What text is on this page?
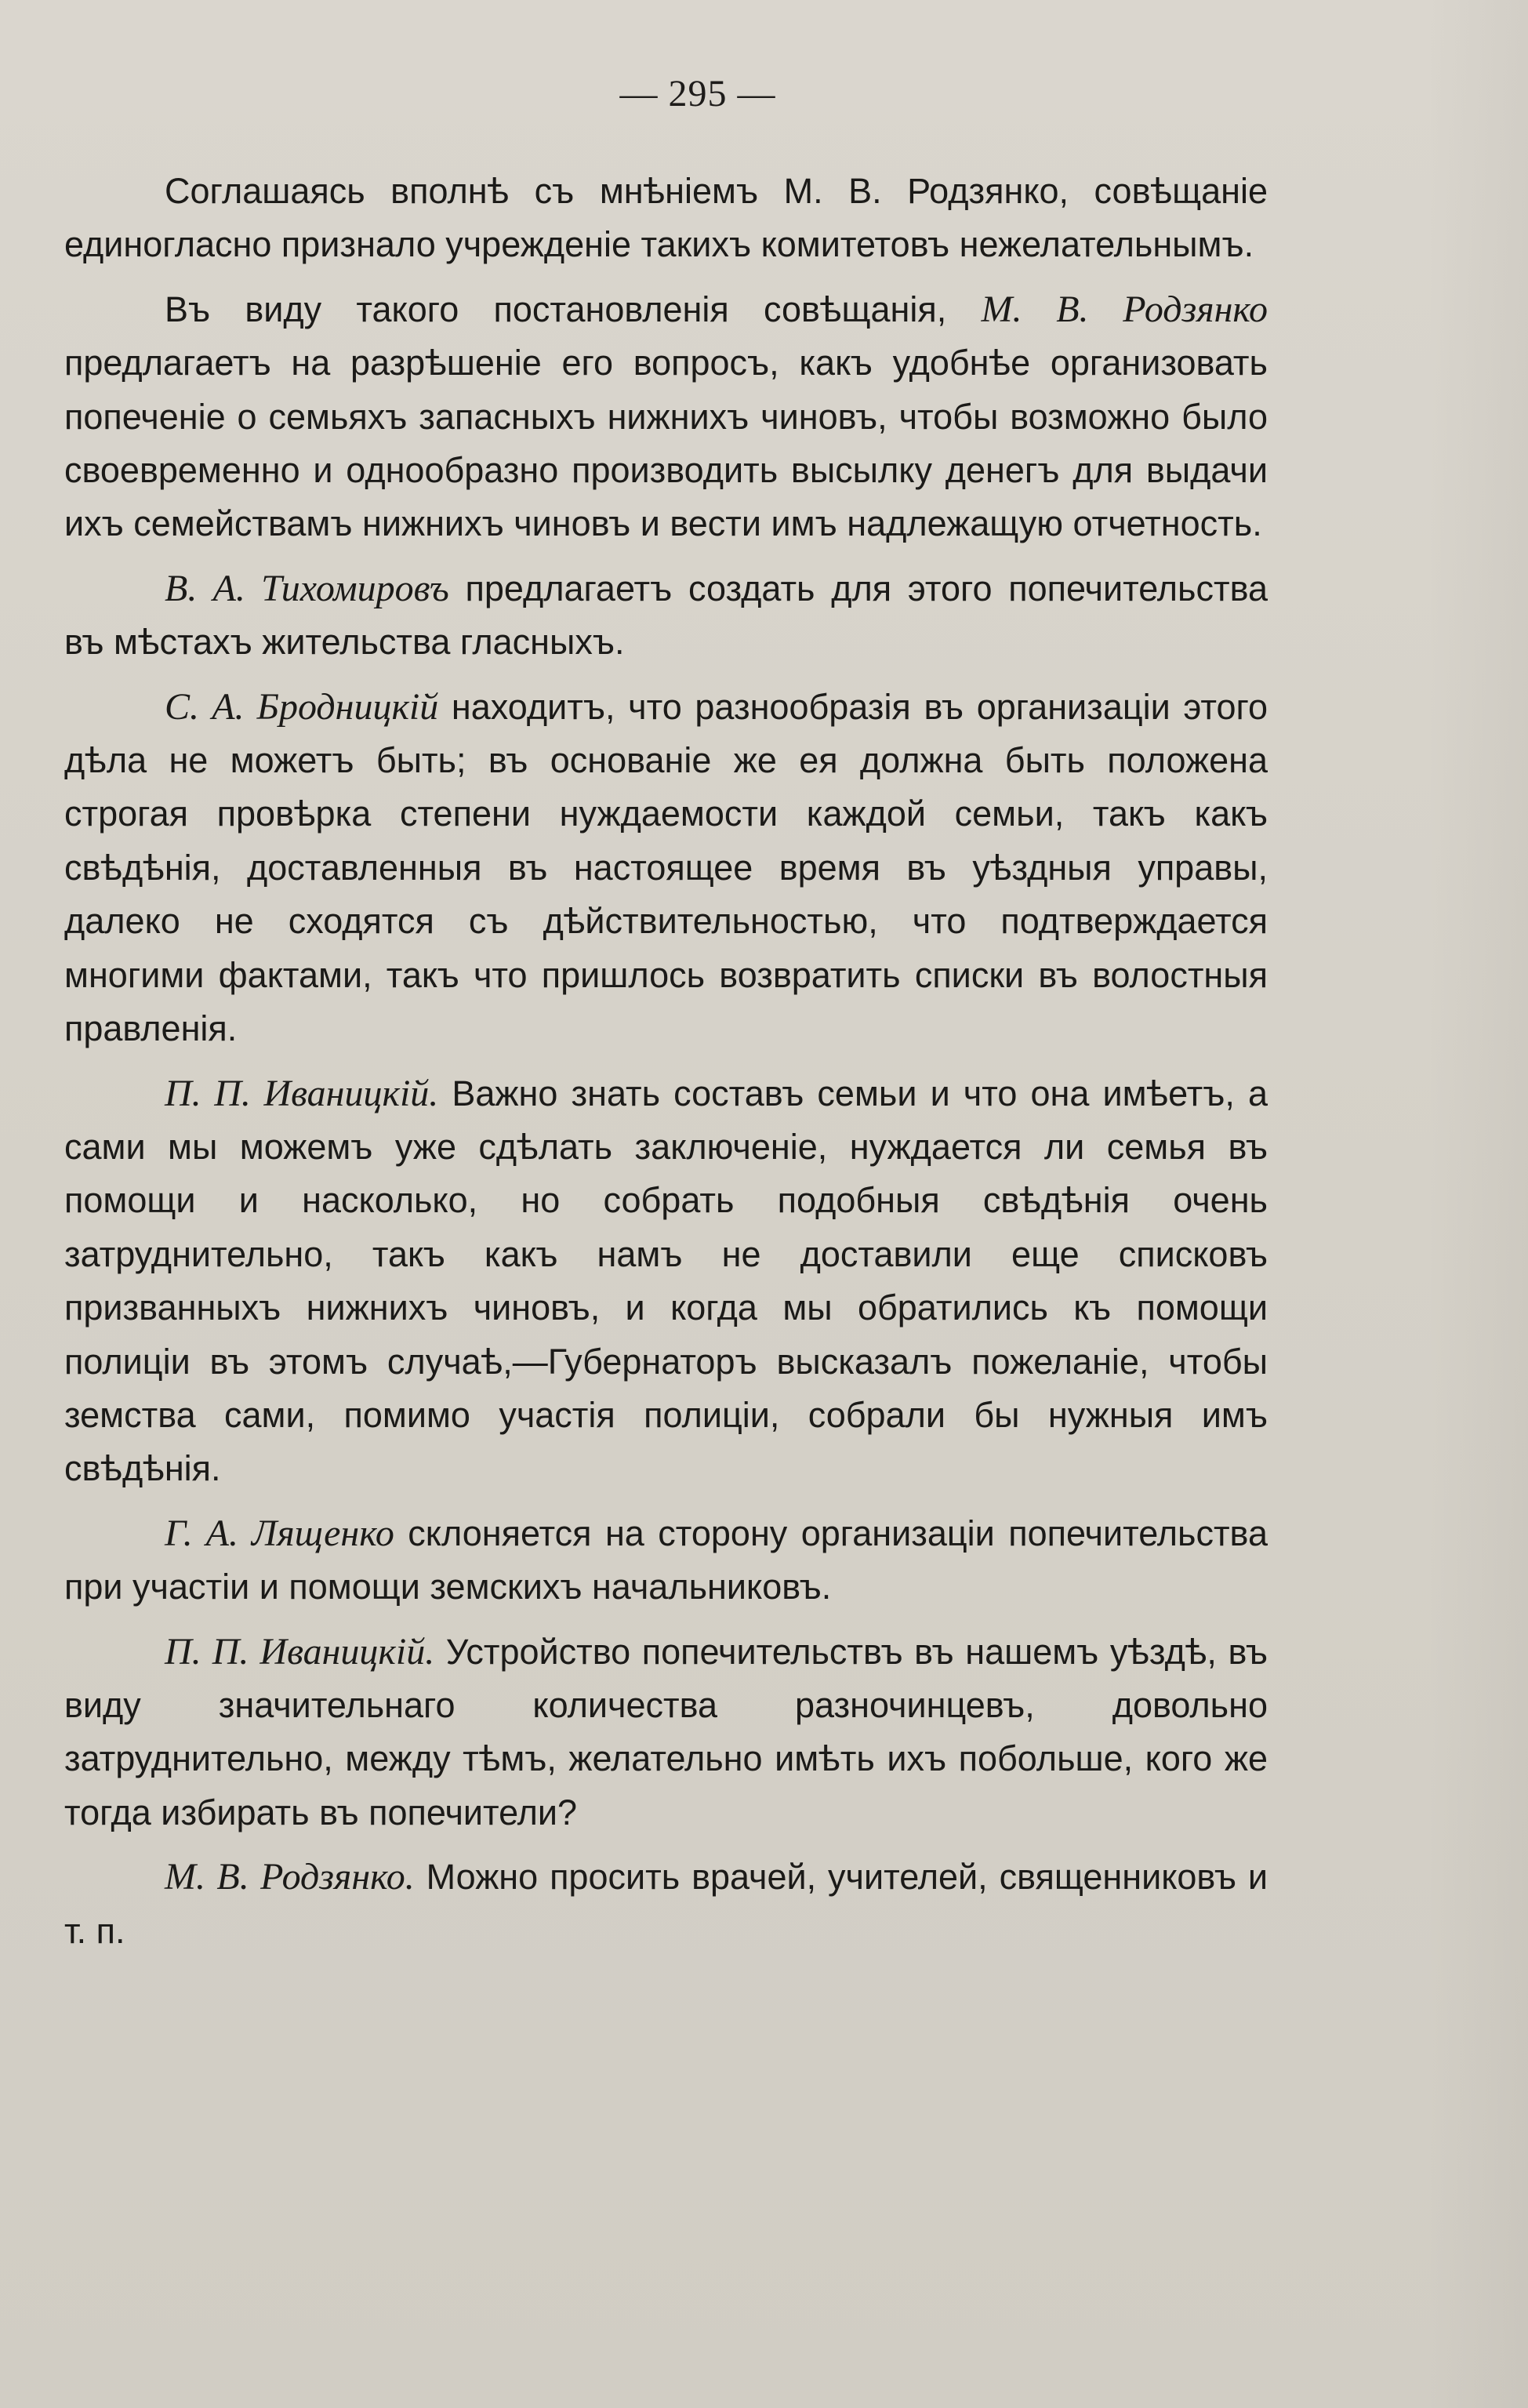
— 295 —

Соглашаясь вполнѣ съ мнѣніемъ М. В. Родзянко, совѣщаніе единогласно признало учрежденіе такихъ комитетовъ нежелательнымъ.

Въ виду такого постановленія совѣщанія, М. В. Родзянко предлагаетъ на разрѣшеніе его вопросъ, какъ удобнѣе организовать попеченіе о семьяхъ запасныхъ нижнихъ чиновъ, чтобы возможно было своевременно и однообразно производить высылку денегъ для выдачи ихъ семействамъ нижнихъ чиновъ и вести имъ надлежащую отчетность.

В. А. Тихомировъ предлагаетъ создать для этого попечительства въ мѣстахъ жительства гласныхъ.

С. А. Бродницкій находитъ, что разнообразія въ организаціи этого дѣла не можетъ быть; въ основаніе же ея должна быть положена строгая провѣрка степени нуждаемости каждой семьи, такъ какъ свѣдѣнія, доставленныя въ настоящее время въ уѣздныя управы, далеко не сходятся съ дѣйствительностью, что подтверждается многими фактами, такъ что пришлось возвратить списки въ волостныя правленія.

П. П. Иваницкій. Важно знать составъ семьи и что она имѣетъ, а сами мы можемъ уже сдѣлать заключеніе, нуждается ли семья въ помощи и насколько, но собрать подобныя свѣдѣнія очень затруднительно, такъ какъ намъ не доставили еще списковъ призванныхъ нижнихъ чиновъ, и когда мы обратились къ помощи полиціи въ этомъ случаѣ,—Губернаторъ высказалъ пожеланіе, чтобы земства сами, помимо участія полиціи, собрали бы нужныя имъ свѣдѣнія.

Г. А. Лященко склоняется на сторону организаціи попечительства при участіи и помощи земскихъ начальниковъ.

П. П. Иваницкій. Устройство попечительствъ въ нашемъ уѣздѣ, въ виду значительнаго количества разночинцевъ, довольно затруднительно, между тѣмъ, желательно имѣть ихъ побольше, кого же тогда избирать въ попечители?

М. В. Родзянко. Можно просить врачей, учителей, священниковъ и т. п.
